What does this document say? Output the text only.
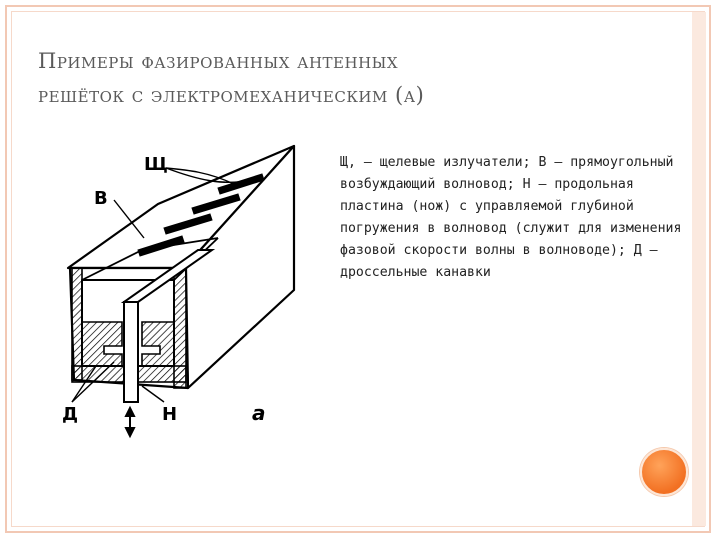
Примеры фазированных антенных
решёток с электромеханическим (а)
Щ
В
Д	Н	а
Щ, — щелевые излучатели; В — прямоугольный возбуждающий волновод; Н — продольная пластина (нож) с управляемой глубиной погружения в волновод (служит для изменения фазовой скорости волны в волноводе); Д — дроссельные канавки
